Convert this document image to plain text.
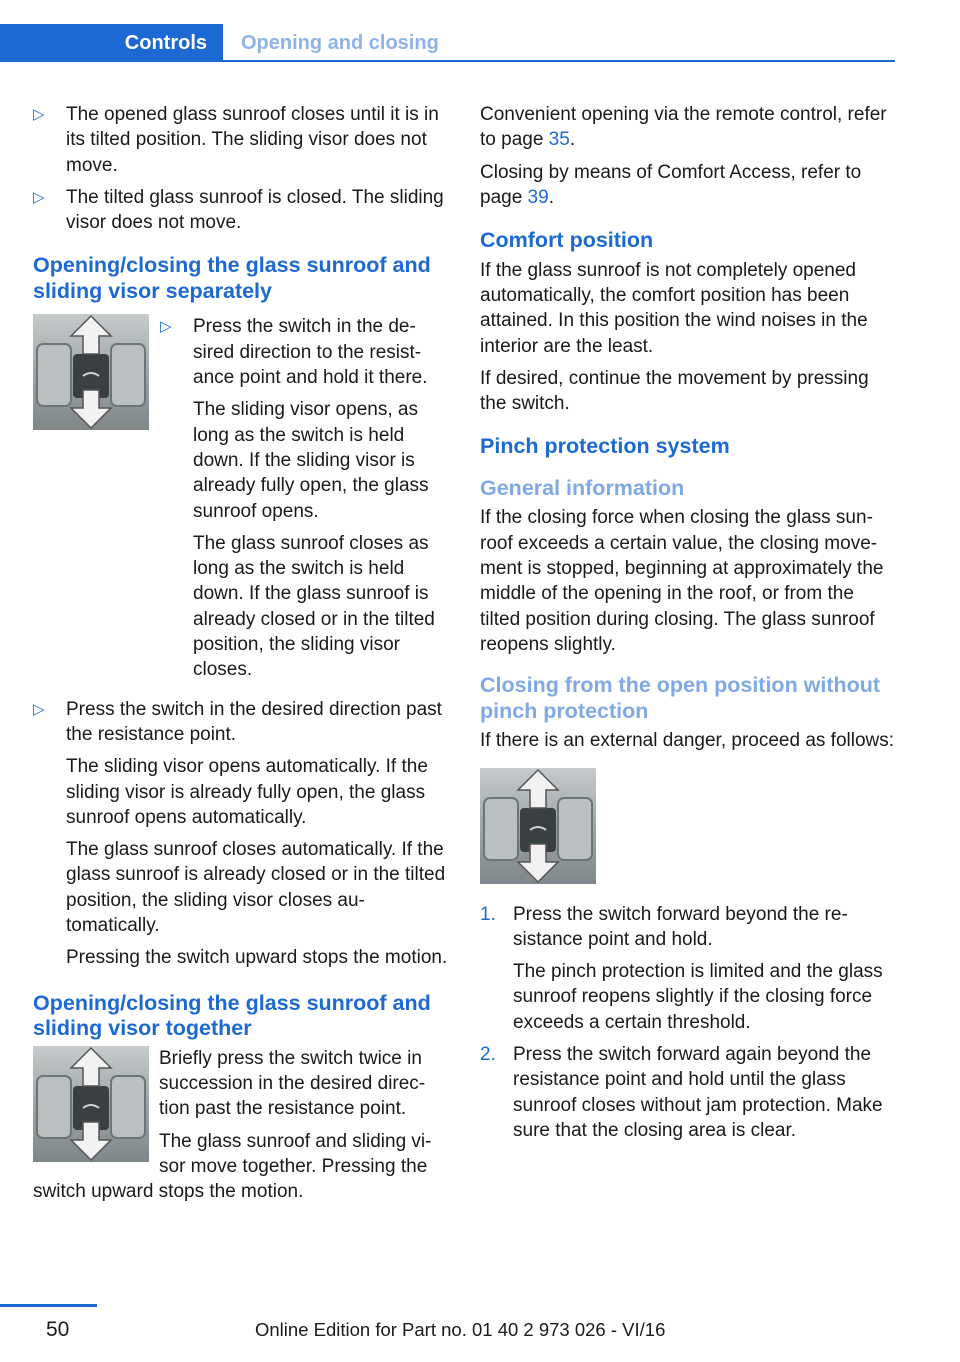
Controls	Opening and closing
▷ The opened glass sunroof closes until it is in its tilted position. The sliding visor does not move.

▷ The tilted glass sunroof is closed. The sliding visor does not move.

Opening/closing the glass sunroof and sliding visor separately
▷ Press the switch in the desired direction to the resistance point and hold it there.

The sliding visor opens, as long as the switch is held down. If the sliding visor is already fully open, the glass sunroof opens.

The glass sunroof closes as long as the switch is held down. If the glass sunroof is already closed or in the tilted position, the sliding visor closes.

▷ Press the switch in the desired direction past the resistance point.

The sliding visor opens automatically. If the sliding visor is already fully open, the glass sunroof opens automatically.

The glass sunroof closes automatically. If the glass sunroof is already closed or in the tilted position, the sliding visor closes automatically.

Pressing the switch upward stops the motion.

Opening/closing the glass sunroof and sliding visor together

Briefly press the switch twice in succession in the desired direction past the resistance point.

The glass sunroof and sliding visor move together. Pressing the switch upward stops the motion.

Convenient opening via the remote control, refer to page 35.

Closing by means of Comfort Access, refer to page 39.

Comfort position

If the glass sunroof is not completely opened automatically, the comfort position has been attained. In this position the wind noises in the interior are the least.

If desired, continue the movement by pressing the switch.

Pinch protection system
General information

If the closing force when closing the glass sunroof exceeds a certain value, the closing movement is stopped, beginning at approximately the middle of the opening in the roof, or from the tilted position during closing. The glass sunroof reopens slightly.

Closing from the open position without pinch protection

If there is an external danger, proceed as follows:

1. Press the switch forward beyond the resistance point and hold.

The pinch protection is limited and the glass sunroof reopens slightly if the closing force exceeds a certain threshold.

2. Press the switch forward again beyond the resistance point and hold until the glass sunroof closes without jam protection. Make sure that the closing area is clear.

50	Online Edition for Part no. 01 40 2 973 026 - VI/16
